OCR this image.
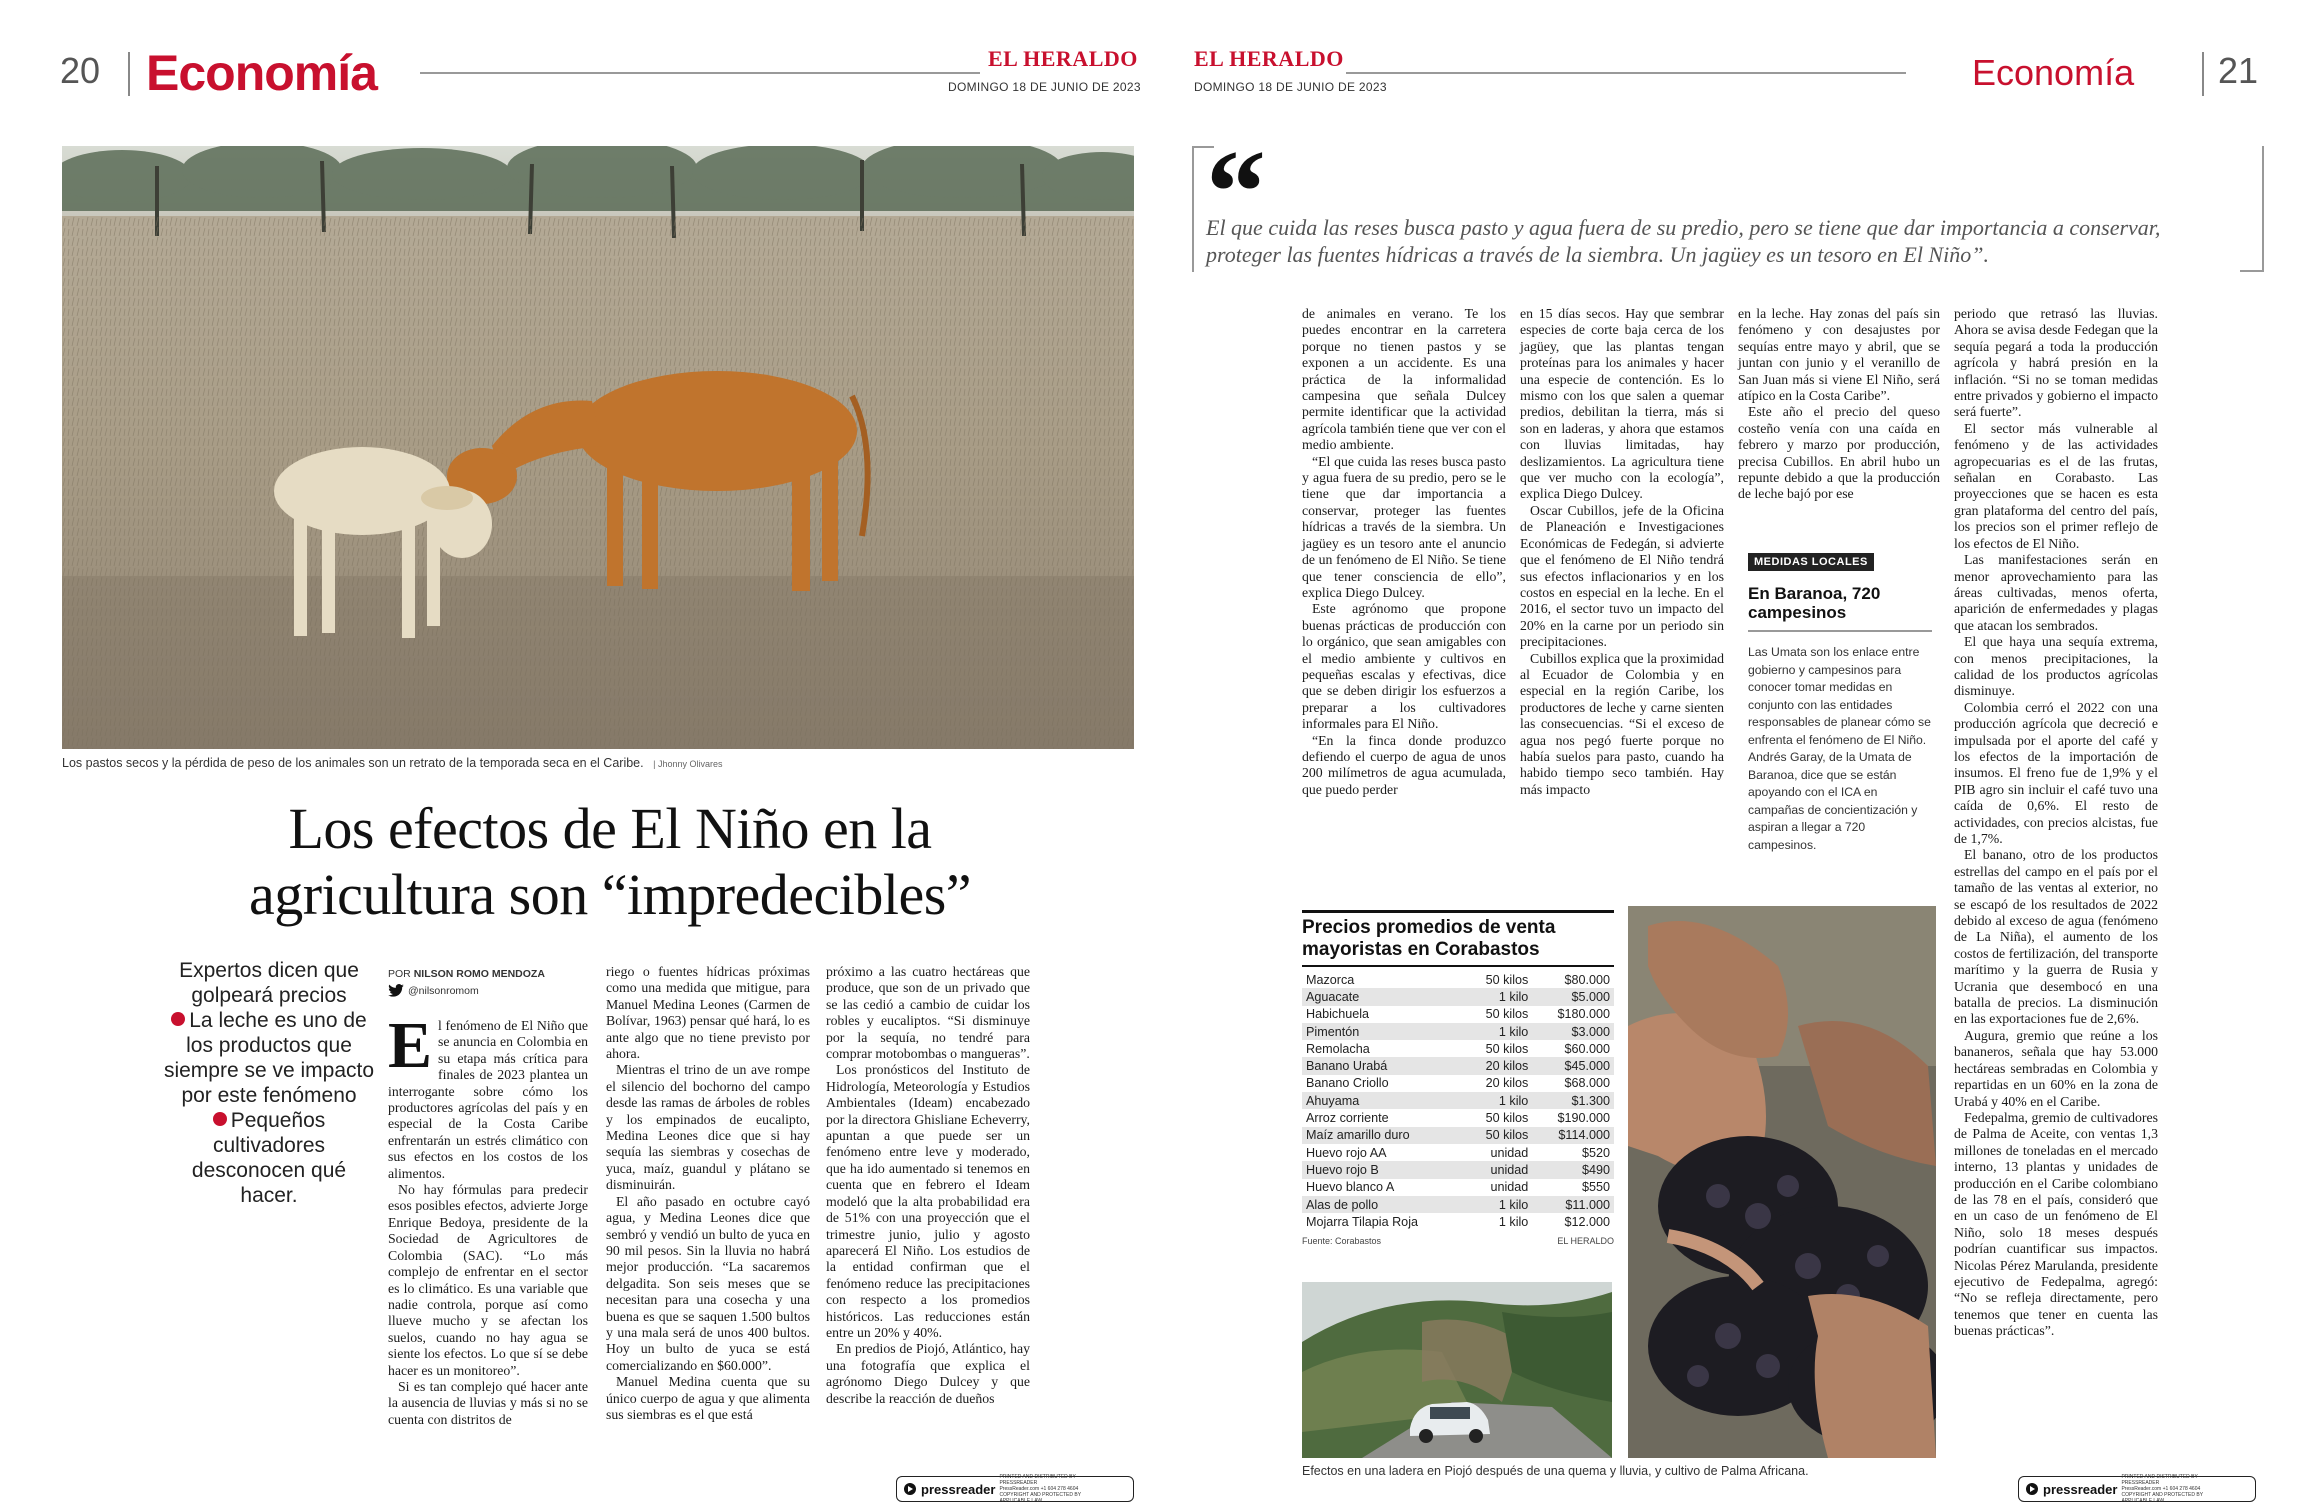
20 Economía	EL HERALDO
DOMINGO 18 DE JUNIO DE 2023
EL HERALDO
DOMINGO 18 DE JUNIO DE 2023	Economía 21
Los pastos secos y la pérdida de peso de los animales son un retrato de la temporada seca en el Caribe. | Jhonny Olivares
Los efectos de El Niño en la
agricultura son “impredecibles”
Expertos dicen que golpeará precios
La leche es uno de los productos que siempre se ve impacto por este fenómeno
Pequeños cultivadores desconocen qué hacer.
POR NILSON ROMO MENDOZA
@nilsonromom

El fenómeno de El Niño que se anuncia en Colombia en su etapa más crítica para finales de 2023 plantea un interrogante sobre cómo los productores agrícolas del país y en especial de la Costa Caribe enfrentarán un estrés climático con sus efectos en los costos de los alimentos.

No hay fórmulas para predecir esos posibles efectos, advierte Jorge Enrique Bedoya, presidente de la Sociedad de Agricultores de Colombia (SAC). “Lo más complejo de enfrentar en el sector es lo climático. Es una variable que nadie controla, porque así como llueve mucho y se afectan los suelos, cuando no hay agua se siente los efectos. Lo que sí se debe hacer es un monitoreo”.

Si es tan complejo qué hacer ante la ausencia de lluvias y más si no se cuenta con distritos de

riego o fuentes hídricas próximas como una medida que mitigue, para Manuel Medina Leones (Carmen de Bolívar, 1963) pensar qué hará, lo es ante algo que no tiene previsto por ahora.

Mientras el trino de un ave rompe el silencio del bochorno del campo desde las ramas de árboles de robles y los empinados de eucalipto, Medina Leones dice que si hay sequía las siembras y cosechas de yuca, maíz, guandul y plátano se disminuirán.

El año pasado en octubre cayó agua, y Medina Leones dice que sembró y vendió un bulto de yuca en 90 mil pesos. Sin la lluvia no habrá mejor producción. “La sacaremos delgadita. Son seis meses que se necesitan para una cosecha y una buena es que se saquen 1.500 bultos y una mala será de unos 400 bultos. Hoy un bulto de yuca se está comercializando en $60.000”.

Manuel Medina cuenta que su único cuerpo de agua y que alimenta sus siembras es el que está

próximo a las cuatro hectáreas que produce, que son de un privado que se las cedió a cambio de cuidar los robles y eucaliptos. “Si disminuye por la sequía, no tendré para comprar motobombas o mangueras”.

Los pronósticos del Instituto de Hidrología, Meteorología y Estudios Ambientales (Ideam) encabezado por la directora Ghisliane Echeverry, apuntan a que puede ser un fenómeno entre leve y moderado, que ha ido aumentado si tenemos en cuenta que en febrero el Ideam modeló que la alta probabilidad era de 51% con una proyección que el trimestre junio, julio y agosto aparecerá El Niño. Los estudios de la entidad confirman que el fenómeno reduce las precipitaciones con respecto a los promedios históricos. Las reducciones están entre un 20% y 40%.

En predios de Piojó, Atlántico, hay una fotografía que explica el agrónomo Diego Dulcey y que describe la reacción de dueños

“
El que cuida las reses busca pasto y agua fuera de su predio, pero se tiene que dar importancia a conservar, proteger las fuentes hídricas a través de la siembra. Un jagüey es un tesoro en El Niño”.

de animales en verano. Te los puedes encontrar en la carretera porque no tienen pastos y se exponen a un accidente. Es una práctica de la informalidad campesina que señala Dulcey permite identificar que la actividad agrícola también tiene que ver con el medio ambiente.

“El que cuida las reses busca pasto y agua fuera de su predio, pero se le tiene que dar importancia a conservar, proteger las fuentes hídricas a través de la siembra. Un jagüey es un tesoro ante el anuncio de un fenómeno de El Niño. Se tiene que tener consciencia de ello”, explica Diego Dulcey.

Este agrónomo que propone buenas prácticas de producción con lo orgánico, que sean amigables con el medio ambiente y cultivos en pequeñas escalas y efectivas, dice que se deben dirigir los esfuerzos a preparar a los cultivadores informales para El Niño.

“En la finca donde produzco defiendo el cuerpo de agua de unos 200 milímetros de agua acumulada, que puedo perder

en 15 días secos. Hay que sembrar especies de corte baja cerca de los jagüey, que las plantas tengan proteínas para los animales y hacer una especie de contención. Es lo mismo con los que salen a quemar predios, debilitan la tierra, más si son en laderas, y ahora que estamos con lluvias limitadas, hay deslizamientos. La agricultura tiene que ver mucho con la ecología”, explica Diego Dulcey.

Oscar Cubillos, jefe de la Oficina de Planeación e Investigaciones Económicas de Fedegán, si advierte que el fenómeno de El Niño tendrá sus efectos inflacionarios y en los costos en especial en la leche. En el 2016, el sector tuvo un impacto del 20% en la carne por un periodo sin precipitaciones.

Cubillos explica que la proximidad al Ecuador de Colombia y en especial en la región Caribe, los productores de leche y carne sienten las consecuencias. “Si el exceso de agua nos pegó fuerte porque no había suelos para pasto, cuando ha habido tiempo seco también. Hay más impacto

en la leche. Hay zonas del país sin fenómeno y con desajustes por sequías entre mayo y abril, que se juntan con junio y el veranillo de San Juan más si viene El Niño, será atípico en la Costa Caribe”.

Este año el precio del queso costeño venía con una caída en febrero y marzo por producción, precisa Cubillos. En abril hubo un repunte debido a que la producción de leche bajó por ese

MEDIDAS LOCALES
En Baranoa, 720 campesinos
Las Umata son los enlace entre gobierno y campesinos para conocer tomar medidas en conjunto con las entidades responsables de planear cómo se enfrenta el fenómeno de El Niño. Andrés Garay, de la Umata de Baranoa, dice que se están apoyando con el ICA en campañas de concientización y aspiran a llegar a 720 campesinos.

periodo que retrasó las lluvias. Ahora se avisa desde Fedegan que la sequía pegará a toda la producción agrícola y habrá presión en la inflación. “Si no se toman medidas entre privados y gobierno el impacto será fuerte”.

El sector más vulnerable al fenómeno y de las actividades agropecuarias es el de las frutas, señalan en Corabasto. Las proyecciones que se hacen es esta gran plataforma del centro del país, los precios son el primer reflejo de los efectos de El Niño.

Las manifestaciones serán en menor aprovechamiento para las áreas cultivadas, menos oferta, aparición de enfermedades y plagas que atacan los sembrados.

El que haya una sequía extrema, con menos precipitaciones, la calidad de los productos agrícolas disminuye.

Colombia cerró el 2022 con una producción agrícola que decreció e impulsada por el aporte del café y los efectos de la importación de insumos. El freno fue de 1,9% y el PIB agro sin incluir el café tuvo una caída de 0,6%. El resto de actividades, con precios alcistas, fue de 1,7%.

El banano, otro de los productos estrellas del campo en el país por el tamaño de las ventas al exterior, no se escapó de los resultados de 2022 debido al exceso de agua (fenómeno de La Niña), el aumento de los costos de fertilización, del transporte marítimo y la guerra de Rusia y Ucrania que desembocó en una batalla de precios. La disminución en las exportaciones fue de 2,6%.

Augura, gremio que reúne a los bananeros, señala que hay 53.000 hectáreas sembradas en Colombia y repartidas en un 60% en la zona de Urabá y 40% en el Caribe.

Fedepalma, gremio de cultivadores de Palma de Aceite, con ventas 1,3 millones de toneladas en el mercado interno, 13 plantas y unidades de producción en el Caribe colombiano de las 78 en el país, consideró que en un caso de un fenómeno de El Niño, solo 18 meses después podrían cuantificar sus impactos. Nicolas Pérez Marulanda, presidente ejecutivo de Fedepalma, agregó: “No se refleja directamente, pero tenemos que tener en cuenta las buenas prácticas”.

Precios promedios de venta mayoristas en Corabastos
Mazorca	50 kilos	$80.000
Aguacate	1 kilo	$5.000
Habichuela	50 kilos	$180.000
Pimentón	1 kilo	$3.000
Remolacha	50 kilos	$60.000
Banano Urabá	20 kilos	$45.000
Banano Criollo	20 kilos	$68.000
Ahuyama	1 kilo	$1.300
Arroz corriente	50 kilos	$190.000
Maíz amarillo duro	50 kilos	$114.000
Huevo rojo AA	unidad	$520
Huevo rojo B	unidad	$490
Huevo blanco A	unidad	$550
Alas de pollo	1 kilo	$11.000
Mojarra Tilapia Roja	1 kilo	$12.000
Fuente: Corabastos	EL HERALDO
Efectos en una ladera en Piojó después de una quema y lluvia, y cultivo de Palma Africana.
pressreader
PRINTED AND DISTRIBUTED BY PRESSREADER
PressReader.com +1 604 278 4604
COPYRIGHT AND PROTECTED BY APPLICABLE LAW
pressreader
PRINTED AND DISTRIBUTED BY PRESSREADER
PressReader.com +1 604 278 4604
COPYRIGHT AND PROTECTED BY APPLICABLE LAW
